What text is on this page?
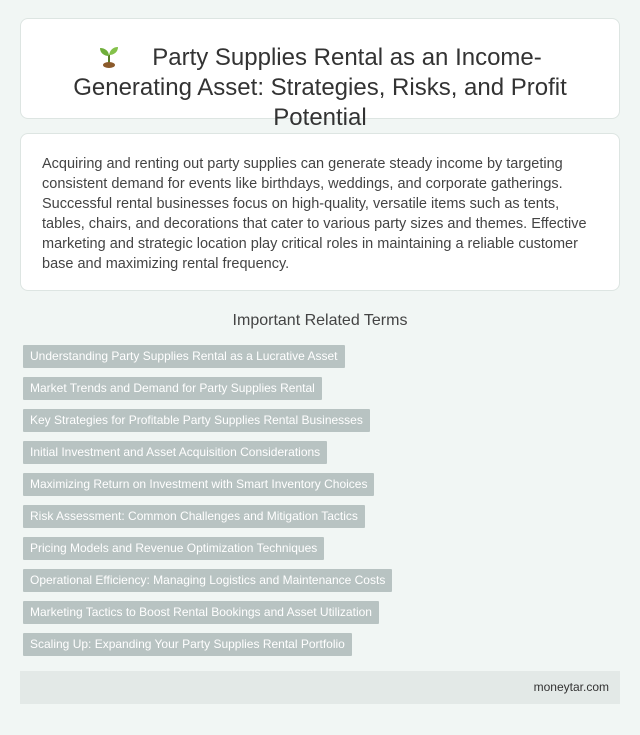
Party Supplies Rental as an Income-Generating Asset: Strategies, Risks, and Profit Potential

Acquiring and renting out party supplies can generate steady income by targeting consistent demand for events like birthdays, weddings, and corporate gatherings. Successful rental businesses focus on high-quality, versatile items such as tents, tables, chairs, and decorations that cater to various party sizes and themes. Effective marketing and strategic location play critical roles in maintaining a reliable customer base and maximizing rental frequency.

Important Related Terms
Understanding Party Supplies Rental as a Lucrative Asset
Market Trends and Demand for Party Supplies Rental
Key Strategies for Profitable Party Supplies Rental Businesses
Initial Investment and Asset Acquisition Considerations
Maximizing Return on Investment with Smart Inventory Choices
Risk Assessment: Common Challenges and Mitigation Tactics
Pricing Models and Revenue Optimization Techniques
Operational Efficiency: Managing Logistics and Maintenance Costs
Marketing Tactics to Boost Rental Bookings and Asset Utilization
Scaling Up: Expanding Your Party Supplies Rental Portfolio
moneytar.com
